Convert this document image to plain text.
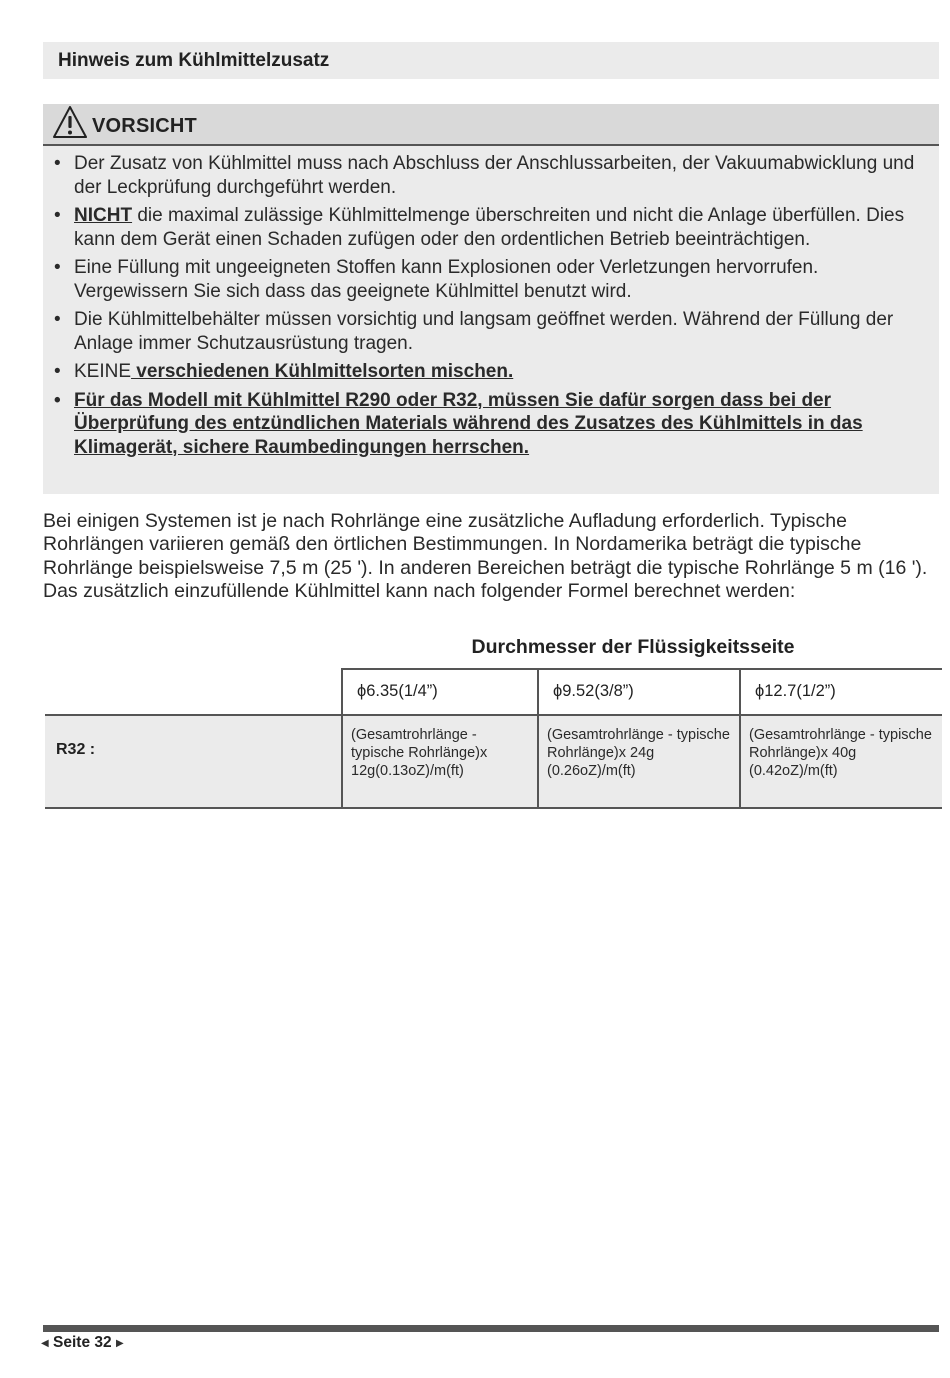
Hinweis zum Kühlmittelzusatz
VORSICHT
• Der Zusatz von Kühlmittel muss nach Abschluss der Anschlussarbeiten, der Vakuumabwicklung und der Leckprüfung durchgeführt werden.
• NICHT die maximal zulässige Kühlmittelmenge überschreiten und nicht die Anlage überfüllen. Dies kann dem Gerät einen Schaden zufügen oder den ordentlichen Betrieb beeinträchtigen.
• Eine Füllung mit ungeeigneten Stoffen kann Explosionen oder Verletzungen hervorrufen. Vergewissern Sie sich dass das geeignete Kühlmittel benutzt wird.
• Die Kühlmittelbehälter müssen vorsichtig und langsam geöffnet werden. Während der Füllung der Anlage immer Schutzausrüstung tragen.
• KEINE verschiedenen Kühlmittelsorten mischen.
• Für das Modell mit Kühlmittel R290 oder R32, müssen Sie dafür sorgen dass bei der Überprüfung des entzündlichen Materials während des Zusatzes des Kühlmittels in das Klimagerät, sichere Raumbedingungen herrschen.

Bei einigen Systemen ist je nach Rohrlänge eine zusätzliche Aufladung erforderlich. Typische Rohrlängen variieren gemäß den örtlichen Bestimmungen. In Nordamerika beträgt die typische Rohrlänge beispielsweise 7,5 m (25 '). In anderen Bereichen beträgt die typische Rohrlänge 5 m (16 '). Das zusätzlich einzufüllende Kühlmittel kann nach folgender Formel berechnet werden:

Durchmesser der Flüssigkeitsseite
	ϕ6.35(1/4”)	ϕ9.52(3/8”)	ϕ12.7(1/2”)
R32 :	(Gesamtrohrlänge - typische Rohrlänge)x 12g(0.13oZ)/m(ft)	(Gesamtrohrlänge - typische Rohrlänge)x 24g (0.26oZ)/m(ft)	(Gesamtrohrlänge - typische Rohrlänge)x 40g (0.42oZ)/m(ft)
◀ Seite 32 ▶
